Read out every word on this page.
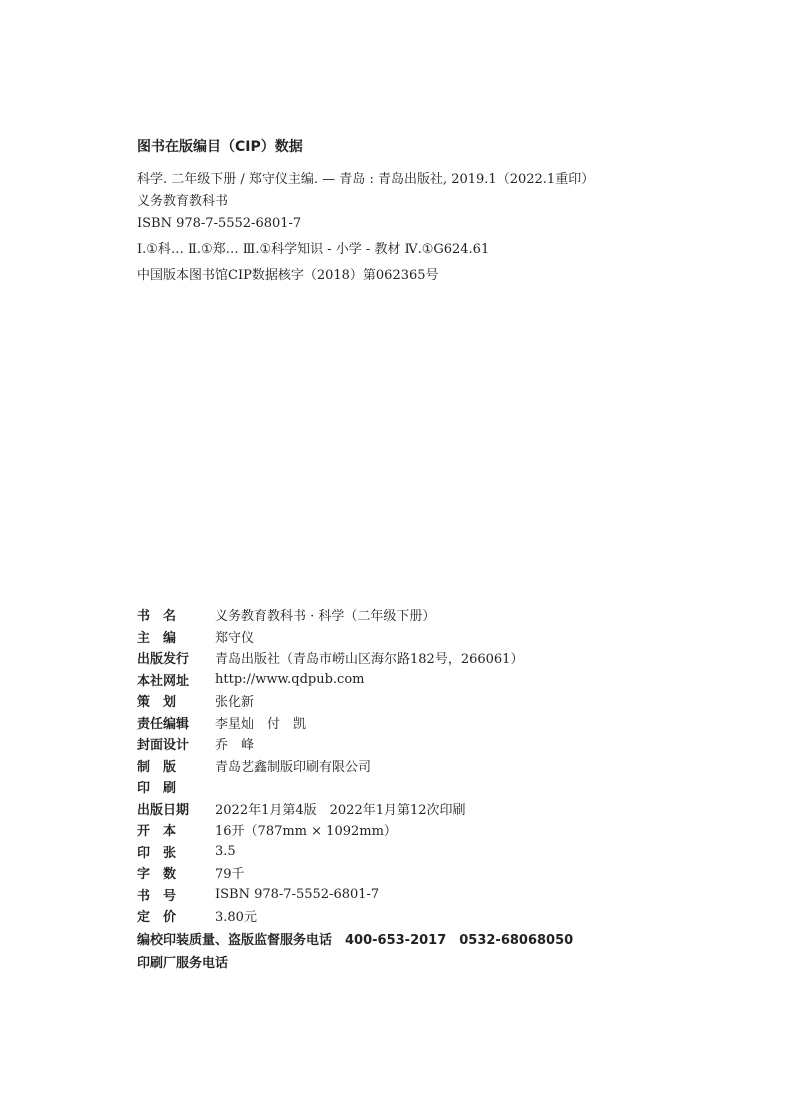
图书在版编目（CIP）数据
科学. 二年级下册 / 郑守仪主编. — 青岛 : 青岛出版社, 2019.1（2022.1重印）
义务教育教科书
ISBN 978-7-5552-6801-7
Ⅰ.①科… Ⅱ.①郑… Ⅲ.①科学知识 - 小学 - 教材 Ⅳ.①G624.61
中国版本图书馆CIP数据核字（2018）第062365号
书　名	义务教育教科书 · 科学（二年级下册）
主　编	郑守仪
出版发行	青岛出版社（青岛市崂山区海尔路182号，266061）
本社网址	http://www.qdpub.com
策　划	张化新
责任编辑	李星灿　付　凯
封面设计	乔　峰
制　版	青岛艺鑫制版印刷有限公司
印　刷
出版日期	2022年1月第4版　2022年1月第12次印刷
开　本	16开（787mm × 1092mm）
印　张	3.5
字　数	79千
书　号	ISBN 978-7-5552-6801-7
定　价	3.80元
编校印装质量、盗版监督服务电话　400-653-2017　0532-68068050
印刷厂服务电话
